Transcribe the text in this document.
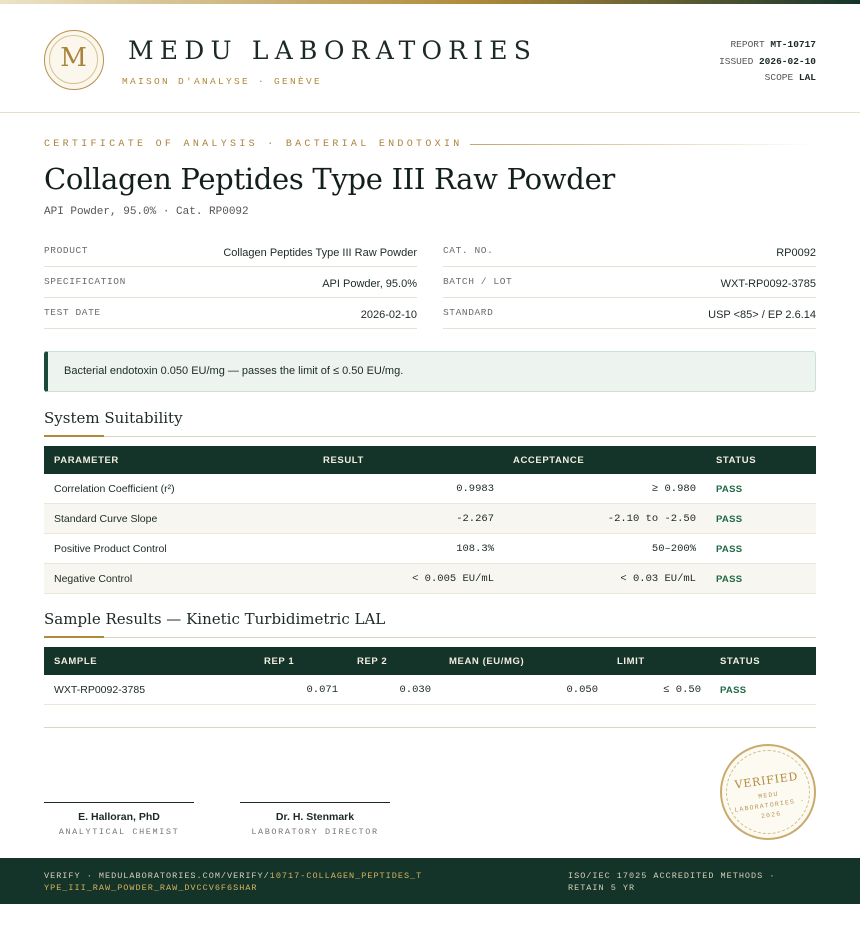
M	MEDU LABORATORIES
MAISON D'ANALYSE · GENÈVE
REPORT MT-10717
ISSUED 2026-02-10
SCOPE LAL
CERTIFICATE OF ANALYSIS · BACTERIAL ENDOTOXIN
Collagen Peptides Type III Raw Powder
API Powder, 95.0% · Cat. RP0092
PRODUCT	Collagen Peptides Type III Raw Powder
SPECIFICATION	API Powder, 95.0%
TEST DATE	2026-02-10
CAT. NO.	RP0092
BATCH / LOT	WXT-RP0092-3785
STANDARD	USP <85> / EP 2.6.14
Bacterial endotoxin 0.050 EU/mg — passes the limit of ≤ 0.50 EU/mg.
System Suitability
PARAMETER	RESULT	ACCEPTANCE	STATUS
Correlation Coefficient (r²)	0.9983	≥ 0.980 PASS
Standard Curve Slope	-2.267	-2.10 to -2.50 PASS
Positive Product Control	108.3%	50–200% PASS
Negative Control	< 0.005 EU/mL	< 0.03 EU/mL PASS
Sample Results — Kinetic Turbidimetric LAL
SAMPLE	REP 1	REP 2	MEAN (EU/MG)	LIMIT	STATUS
WXT-RP0092-3785	0.071	0.030	0.050	≤ 0.50 PASS
E. Halloran, PhD
ANALYTICAL CHEMIST
Dr. H. Stenmark
LABORATORY DIRECTOR
VERIFIED
MEDU LABORATORIES · 2026
VERIFY · MEDULABORATORIES.COM/VERIFY/10717-COLLAGEN_PEPTIDES_TYPE_III_RAW_POWDER_RAW_DVCCV6F6SHAR
ISO/IEC 17025 ACCREDITED METHODS · RETAIN 5 YR
